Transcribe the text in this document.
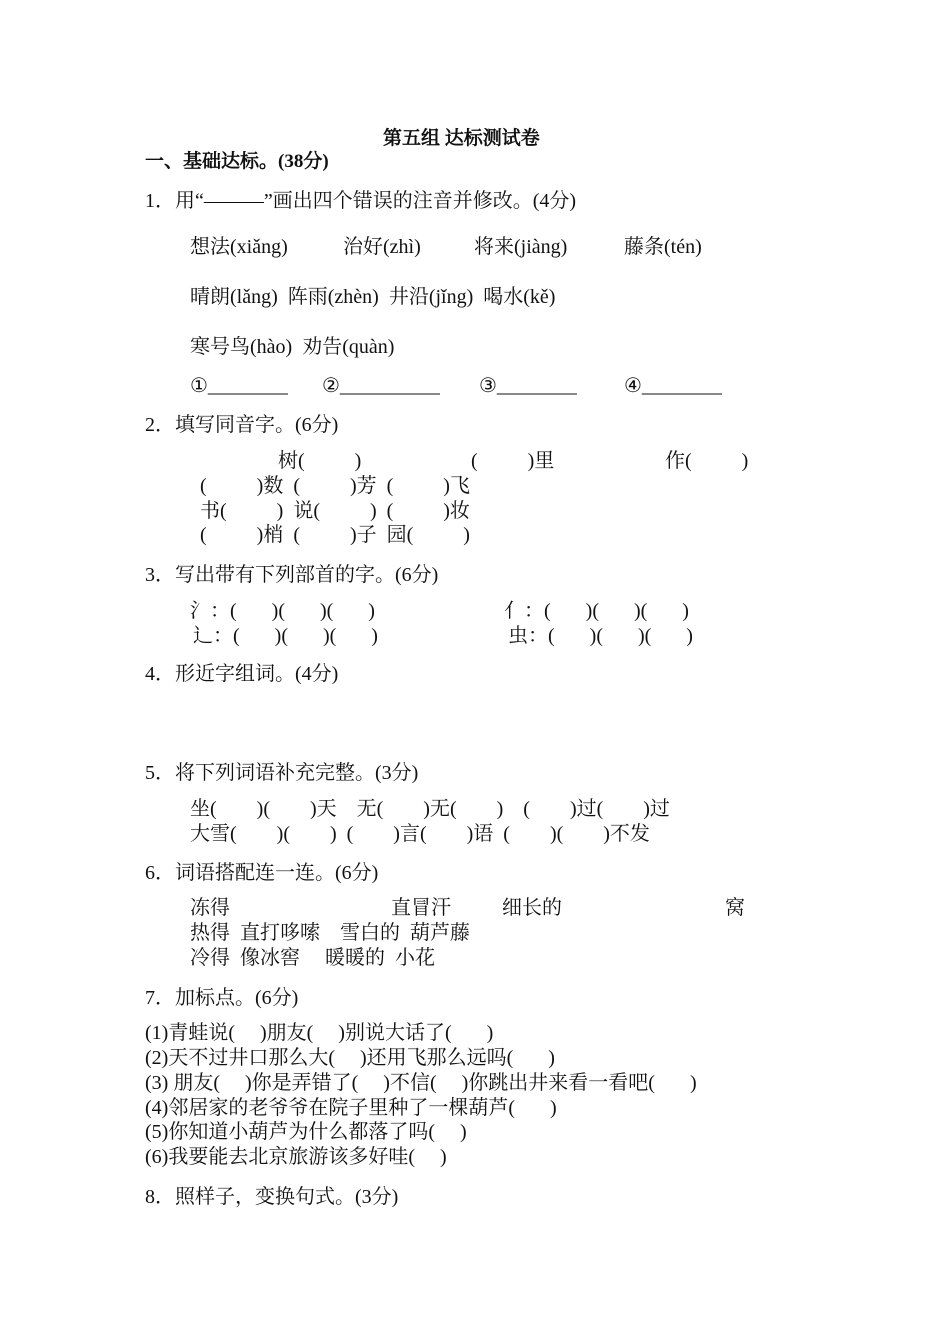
第五组 达标测试卷
一、基础达标。(38分)
1．用“———”画出四个错误的注音并修改。(4分)
想法(xiǎng)	治好(zhì)	将来(jiàng)	藤条(tén)
晴朗(lǎng)  阵雨(zhèn)  井沿(jǐng)  喝水(kě)
寒号鸟(hào)  劝告(quàn)
①________ ②__________ ③________ ④________
2．填写同音字。(6分)
树(          )	(          )里	作(          )
(          )数  (          )芳  (          )飞
书(          )  说(          )  (          )妆
(          )梢  (          )子  园(          )
3．写出带有下列部首的字。(6分)
氵：(       )(       )(       )	亻：(       )(       )(       )
辶：(       )(       )(       )	虫：(       )(       )(       )
4．形近字组词。(4分)
5．将下列词语补充完整。(3分)
坐(        )(        )天    无(        )无(        )    (        )过(        )过
大雪(        )(        )  (        )言(        )语  (        )(        )不发
6．词语搭配连一连。(6分)
冻得	直冒汗	细长的	窝
热得  直打哆嗦    雪白的  葫芦藤
冷得  像冰窖     暖暖的  小花
7．加标点。(6分)
(1)青蛙说(     )朋友(     )别说大话了(       )
(2)天不过井口那么大(     )还用飞那么远吗(       )
(3) 朋友(     )你是弄错了(     )不信(     )你跳出井来看一看吧(       )
(4)邻居家的老爷爷在院子里种了一棵葫芦(       )
(5)你知道小葫芦为什么都落了吗(     )
(6)我要能去北京旅游该多好哇(     )
8．照样子，变换句式。(3分)
